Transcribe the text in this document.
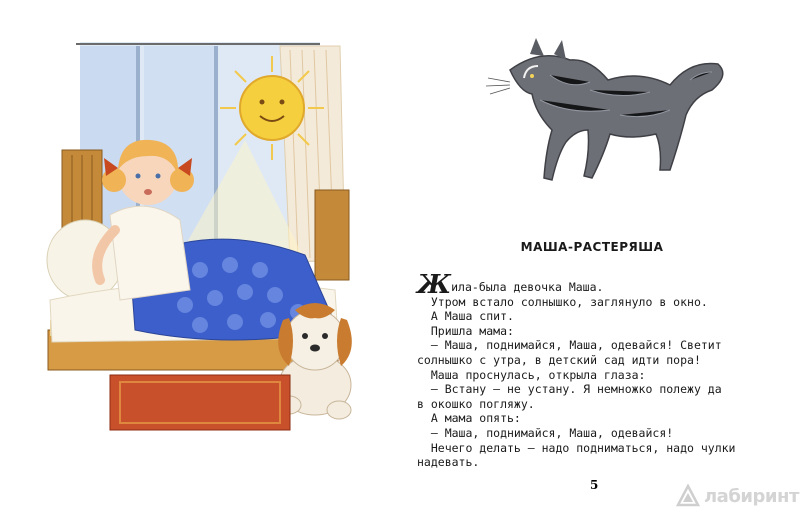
МАША-РАСТЕРЯША
Жила-была девочка Маша.
Утром встало солнышко, заглянуло в окно.
А Маша спит.
Пришла мама:
— Маша, поднимайся, Маша, одевайся! Светит
солнышко с утра, в детский сад идти пора!
Маша проснулась, открыла глаза:
— Встану — не устану. Я немножко полежу да
в окошко погляжу.
А мама опять:
— Маша, поднимайся, Маша, одевайся!
Нечего делать — надо подниматься, надо чулки
надевать.
5
лабиринт
